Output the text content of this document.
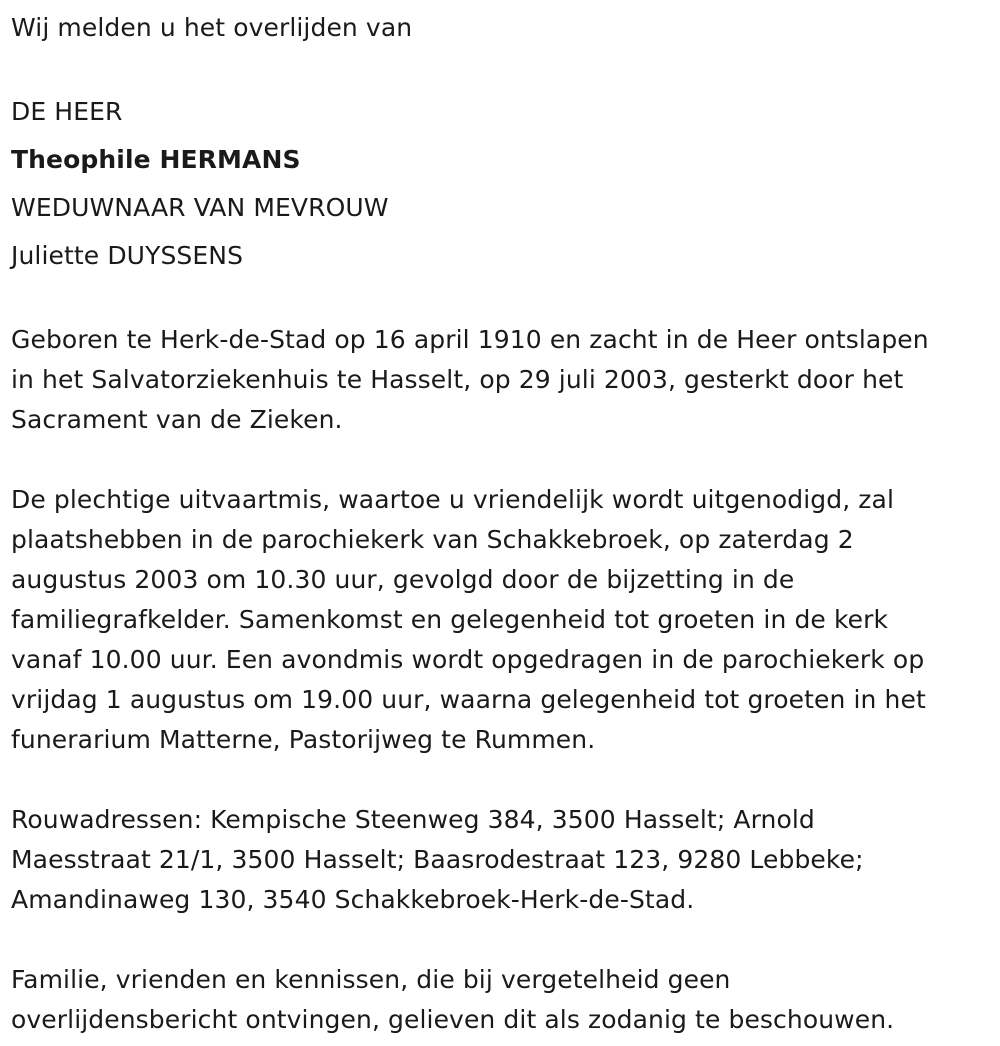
Wij melden u het overlijden van
DE HEER
Theophile HERMANS
WEDUWNAAR VAN MEVROUW
Juliette DUYSSENS
Geboren te Herk-de-Stad op 16 april 1910 en zacht in de Heer ontslapen
in het Salvatorziekenhuis te Hasselt, op 29 juli 2003, gesterkt door het
Sacrament van de Zieken.
De plechtige uitvaartmis, waartoe u vriendelijk wordt uitgenodigd, zal
plaatshebben in de parochiekerk van Schakkebroek, op zaterdag 2
augustus 2003 om 10.30 uur, gevolgd door de bijzetting in de
familiegrafkelder. Samenkomst en gelegenheid tot groeten in de kerk
vanaf 10.00 uur. Een avondmis wordt opgedragen in de parochiekerk op
vrijdag 1 augustus om 19.00 uur, waarna gelegenheid tot groeten in het
funerarium Matterne, Pastorijweg te Rummen.
Rouwadressen: Kempische Steenweg 384, 3500 Hasselt; Arnold
Maesstraat 21/1, 3500 Hasselt; Baasrodestraat 123, 9280 Lebbeke;
Amandinaweg 130, 3540 Schakkebroek-Herk-de-Stad.
Familie, vrienden en kennissen, die bij vergetelheid geen
overlijdensbericht ontvingen, gelieven dit als zodanig te beschouwen.
